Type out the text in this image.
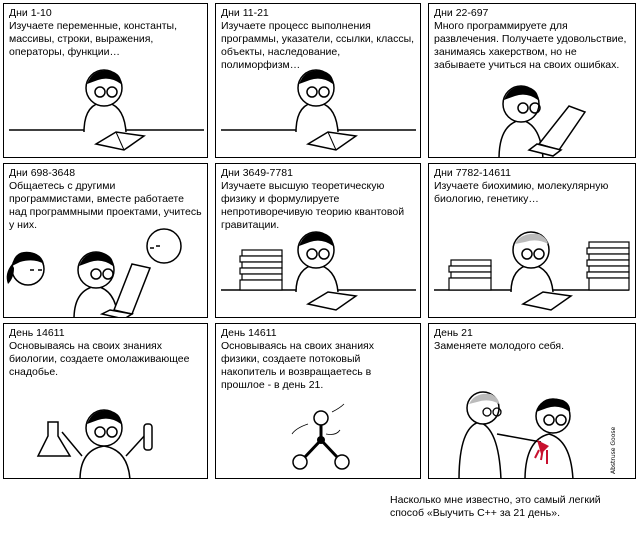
Дни 1-10
Изучаете переменные, константы, массивы, строки, выражения, операторы, функции…
Дни 11-21
Изучаете процесс выполнения программы, указатели, ссылки, классы, объекты, наследование, полиморфизм…
Дни 22-697
Много программируете для развлечения. Получаете удовольствие, занимаясь хакерством, но не забываете учиться на своих ошибках.
Дни 698-3648
Общаетесь с другими программистами, вместе работаете над программными проектами, учитесь у них.
Дни 3649-7781
Изучаете высшую теоретическую физику и формулируете непротиворечивую теорию квантовой гравитации.
Дни 7782-14611
Изучаете биохимию, молекулярную биологию, генетику…
День 14611
Основываясь на своих знаниях биологии, создаете омолаживающее снадобье.
День 14611
Основываясь на своих знаниях физики, создаете потоковый накопитель и возвращаетесь в прошлое - в день 21.
День 21
Заменяете молодого себя.
Abstruse Goose
Насколько мне известно, это самый легкий способ «Выучить С++ за 21 день».
